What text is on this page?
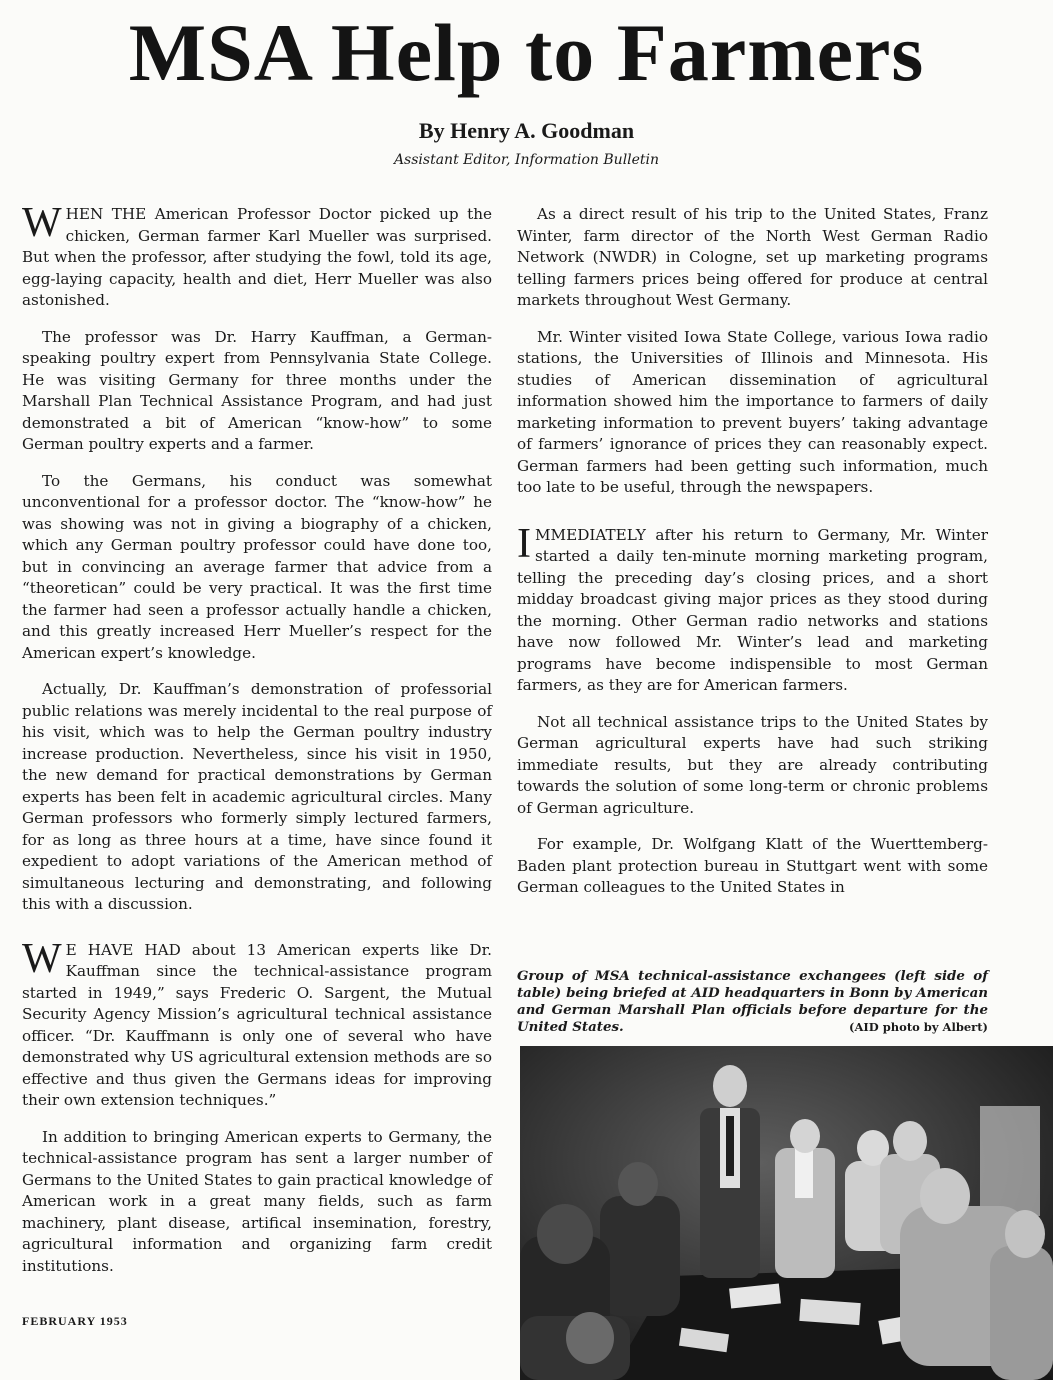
MSA Help to Farmers
By Henry A. Goodman
Assistant Editor, Information Bulletin

WHEN THE American Professor Doctor picked up the chicken, German farmer Karl Mueller was surprised. But when the professor, after studying the fowl, told its age, egg-laying capacity, health and diet, Herr Mueller was also astonished.

The professor was Dr. Harry Kauffman, a German-speaking poultry expert from Pennsylvania State College. He was visiting Germany for three months under the Marshall Plan Technical Assistance Program, and had just demonstrated a bit of American “know-how” to some German poultry experts and a farmer.

To the Germans, his conduct was somewhat unconventional for a professor doctor. The “know-how” he was showing was not in giving a biography of a chicken, which any German poultry professor could have done too, but in convincing an average farmer that advice from a “theoretican” could be very practical. It was the first time the farmer had seen a professor actually handle a chicken, and this greatly increased Herr Mueller’s respect for the American expert’s knowledge.

Actually, Dr. Kauffman’s demonstration of professorial public relations was merely incidental to the real purpose of his visit, which was to help the German poultry industry increase production. Nevertheless, since his visit in 1950, the new demand for practical demonstrations by German experts has been felt in academic agricultural circles. Many German professors who formerly simply lectured farmers, for as long as three hours at a time, have since found it expedient to adopt variations of the American method of simultaneous lecturing and demonstrating, and following this with a discussion.

W E HAVE HAD about 13 American experts like Dr. Kauffman since the technical-assistance program started in 1949,” says Frederic O. Sargent, the Mutual Security Agency Mission’s agricultural technical assistance officer. “Dr. Kauffmann is only one of several who have demonstrated why US agricultural extension methods are so effective and thus given the Germans ideas for improving their own extension techniques.”

In addition to bringing American experts to Germany, the technical-assistance program has sent a larger number of Germans to the United States to gain practical knowledge of American work in a great many fields, such as farm machinery, plant disease, artifical insemination, forestry, agricultural information and organizing farm credit institutions.

As a direct result of his trip to the United States, Franz Winter, farm director of the North West German Radio Network (NWDR) in Cologne, set up marketing programs telling farmers prices being offered for produce at central markets throughout West Germany.

Mr. Winter visited Iowa State College, various Iowa radio stations, the Universities of Illinois and Minnesota. His studies of American dissemination of agricultural information showed him the importance to farmers of daily marketing information to prevent buyers’ taking advantage of farmers’ ignorance of prices they can reasonably expect. German farmers had been getting such information, much too late to be useful, through the newspapers.

IMMEDIATELY after his return to Germany, Mr. Winter started a daily ten-minute morning marketing program, telling the preceding day’s closing prices, and a short midday broadcast giving major prices as they stood during the morning. Other German radio networks and stations have now followed Mr. Winter’s lead and marketing programs have become indispensible to most German farmers, as they are for American farmers.

Not all technical assistance trips to the United States by German agricultural experts have had such striking immediate results, but they are already contributing towards the solution of some long-term or chronic problems of German agriculture.

For example, Dr. Wolfgang Klatt of the Wuerttemberg-Baden plant protection bureau in Stuttgart went with some German colleagues to the United States in

Group of MSA technical-assistance exchangees (left side of table) being briefed at AID headquarters in Bonn by American and German Marshall Plan officials before departure for the United States.	(AID photo by Albert)

FEBRUARY 1953
